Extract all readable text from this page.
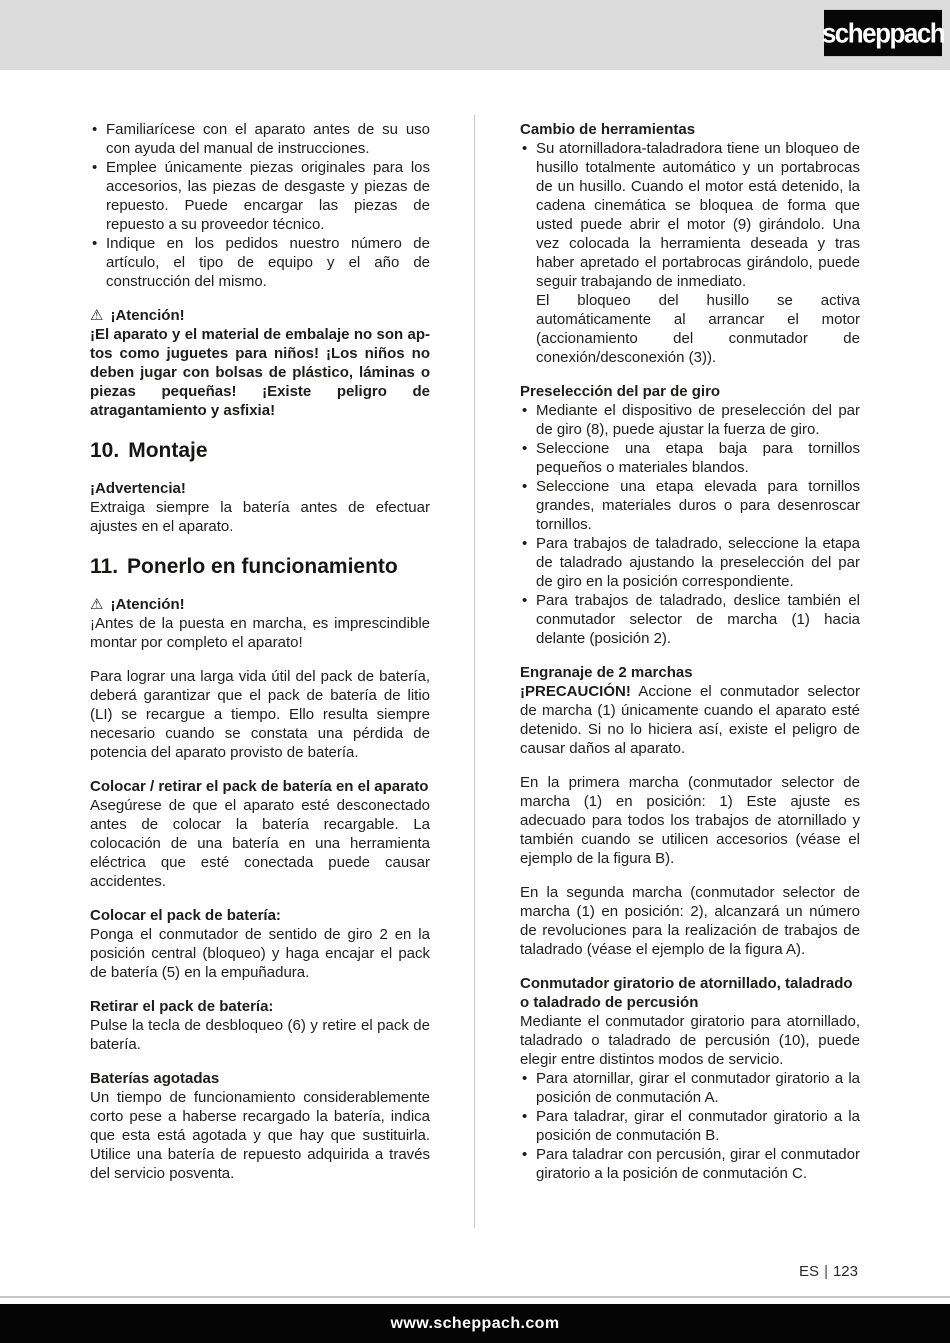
scheppach
• Familiarícese con el aparato antes de su uso con ayuda del manual de instrucciones.
• Emplee únicamente piezas originales para los accesorios, las piezas de desgaste y piezas de repuesto. Puede encargar las piezas de repuesto a su proveedor técnico.
• Indique en los pedidos nuestro número de artículo, el tipo de equipo y el año de construcción del mismo.

⚠ ¡Atención!

¡El aparato y el material de embalaje no son aptos como juguetes para niños! ¡Los niños no deben jugar con bolsas de plástico, láminas o piezas pequeñas! ¡Existe peligro de atragantamiento y asfixia!

10. Montaje

¡Advertencia!

Extraiga siempre la batería antes de efectuar ajustes en el aparato.

11. Ponerlo en funcionamiento

⚠ ¡Atención!

¡Antes de la puesta en marcha, es imprescindible montar por completo el aparato!

Para lograr una larga vida útil del pack de batería, deberá garantizar que el pack de batería de litio (LI) se recargue a tiempo. Ello resulta siempre necesario cuando se constata una pérdida de potencia del aparato provisto de batería.

Colocar / retirar el pack de batería en el aparato

Asegúrese de que el aparato esté desconectado antes de colocar la batería recargable. La colocación de una batería en una herramienta eléctrica que esté conectada puede causar accidentes.

Colocar el pack de batería:

Ponga el conmutador de sentido de giro 2 en la posición central (bloqueo) y haga encajar el pack de batería (5) en la empuñadura.

Retirar el pack de batería:

Pulse la tecla de desbloqueo (6) y retire el pack de batería.

Baterías agotadas

Un tiempo de funcionamiento considerablemente corto pese a haberse recargado la batería, indica que esta está agotada y que hay que sustituirla. Utilice una batería de repuesto adquirida a través del servicio posventa.

Cambio de herramientas

• Su atornilladora-taladradora tiene un bloqueo de husillo totalmente automático y un portabrocas de un husillo. Cuando el motor está detenido, la cadena cinemática se bloquea de forma que usted puede abrir el motor (9) girándolo. Una vez colocada la herramienta deseada y tras haber apretado el portabrocas girándolo, puede seguir trabajando de inmediato.
El bloqueo del husillo se activa automáticamente al arrancar el motor (accionamiento del conmutador de conexión/desconexión (3)).

Preselección del par de giro

• Mediante el dispositivo de preselección del par de giro (8), puede ajustar la fuerza de giro.
• Seleccione una etapa baja para tornillos pequeños o materiales blandos.
• Seleccione una etapa elevada para tornillos grandes, materiales duros o para desenroscar tornillos.
• Para trabajos de taladrado, seleccione la etapa de taladrado ajustando la preselección del par de giro en la posición correspondiente.
• Para trabajos de taladrado, deslice también el conmutador selector de marcha (1) hacia delante (posición 2).

Engranaje de 2 marchas

¡PRECAUCIÓN! Accione el conmutador selector de marcha (1) únicamente cuando el aparato esté detenido. Si no lo hiciera así, existe el peligro de causar daños al aparato.

En la primera marcha (conmutador selector de marcha (1) en posición: 1) Este ajuste es adecuado para todos los trabajos de atornillado y también cuando se utilicen accesorios (véase el ejemplo de la figura B).

En la segunda marcha (conmutador selector de marcha (1) en posición: 2), alcanzará un número de revoluciones para la realización de trabajos de taladrado (véase el ejemplo de la figura A).

Conmutador giratorio de atornillado, taladrado o taladrado de percusión

Mediante el conmutador giratorio para atornillado, taladrado o taladrado de percusión (10), puede elegir entre distintos modos de servicio.

• Para atornillar, girar el conmutador giratorio a la posición de conmutación A.
• Para taladrar, girar el conmutador giratorio a la posición de conmutación B.
• Para taladrar con percusión, girar el conmutador giratorio a la posición de conmutación C.
ES | 123
www.scheppach.com
